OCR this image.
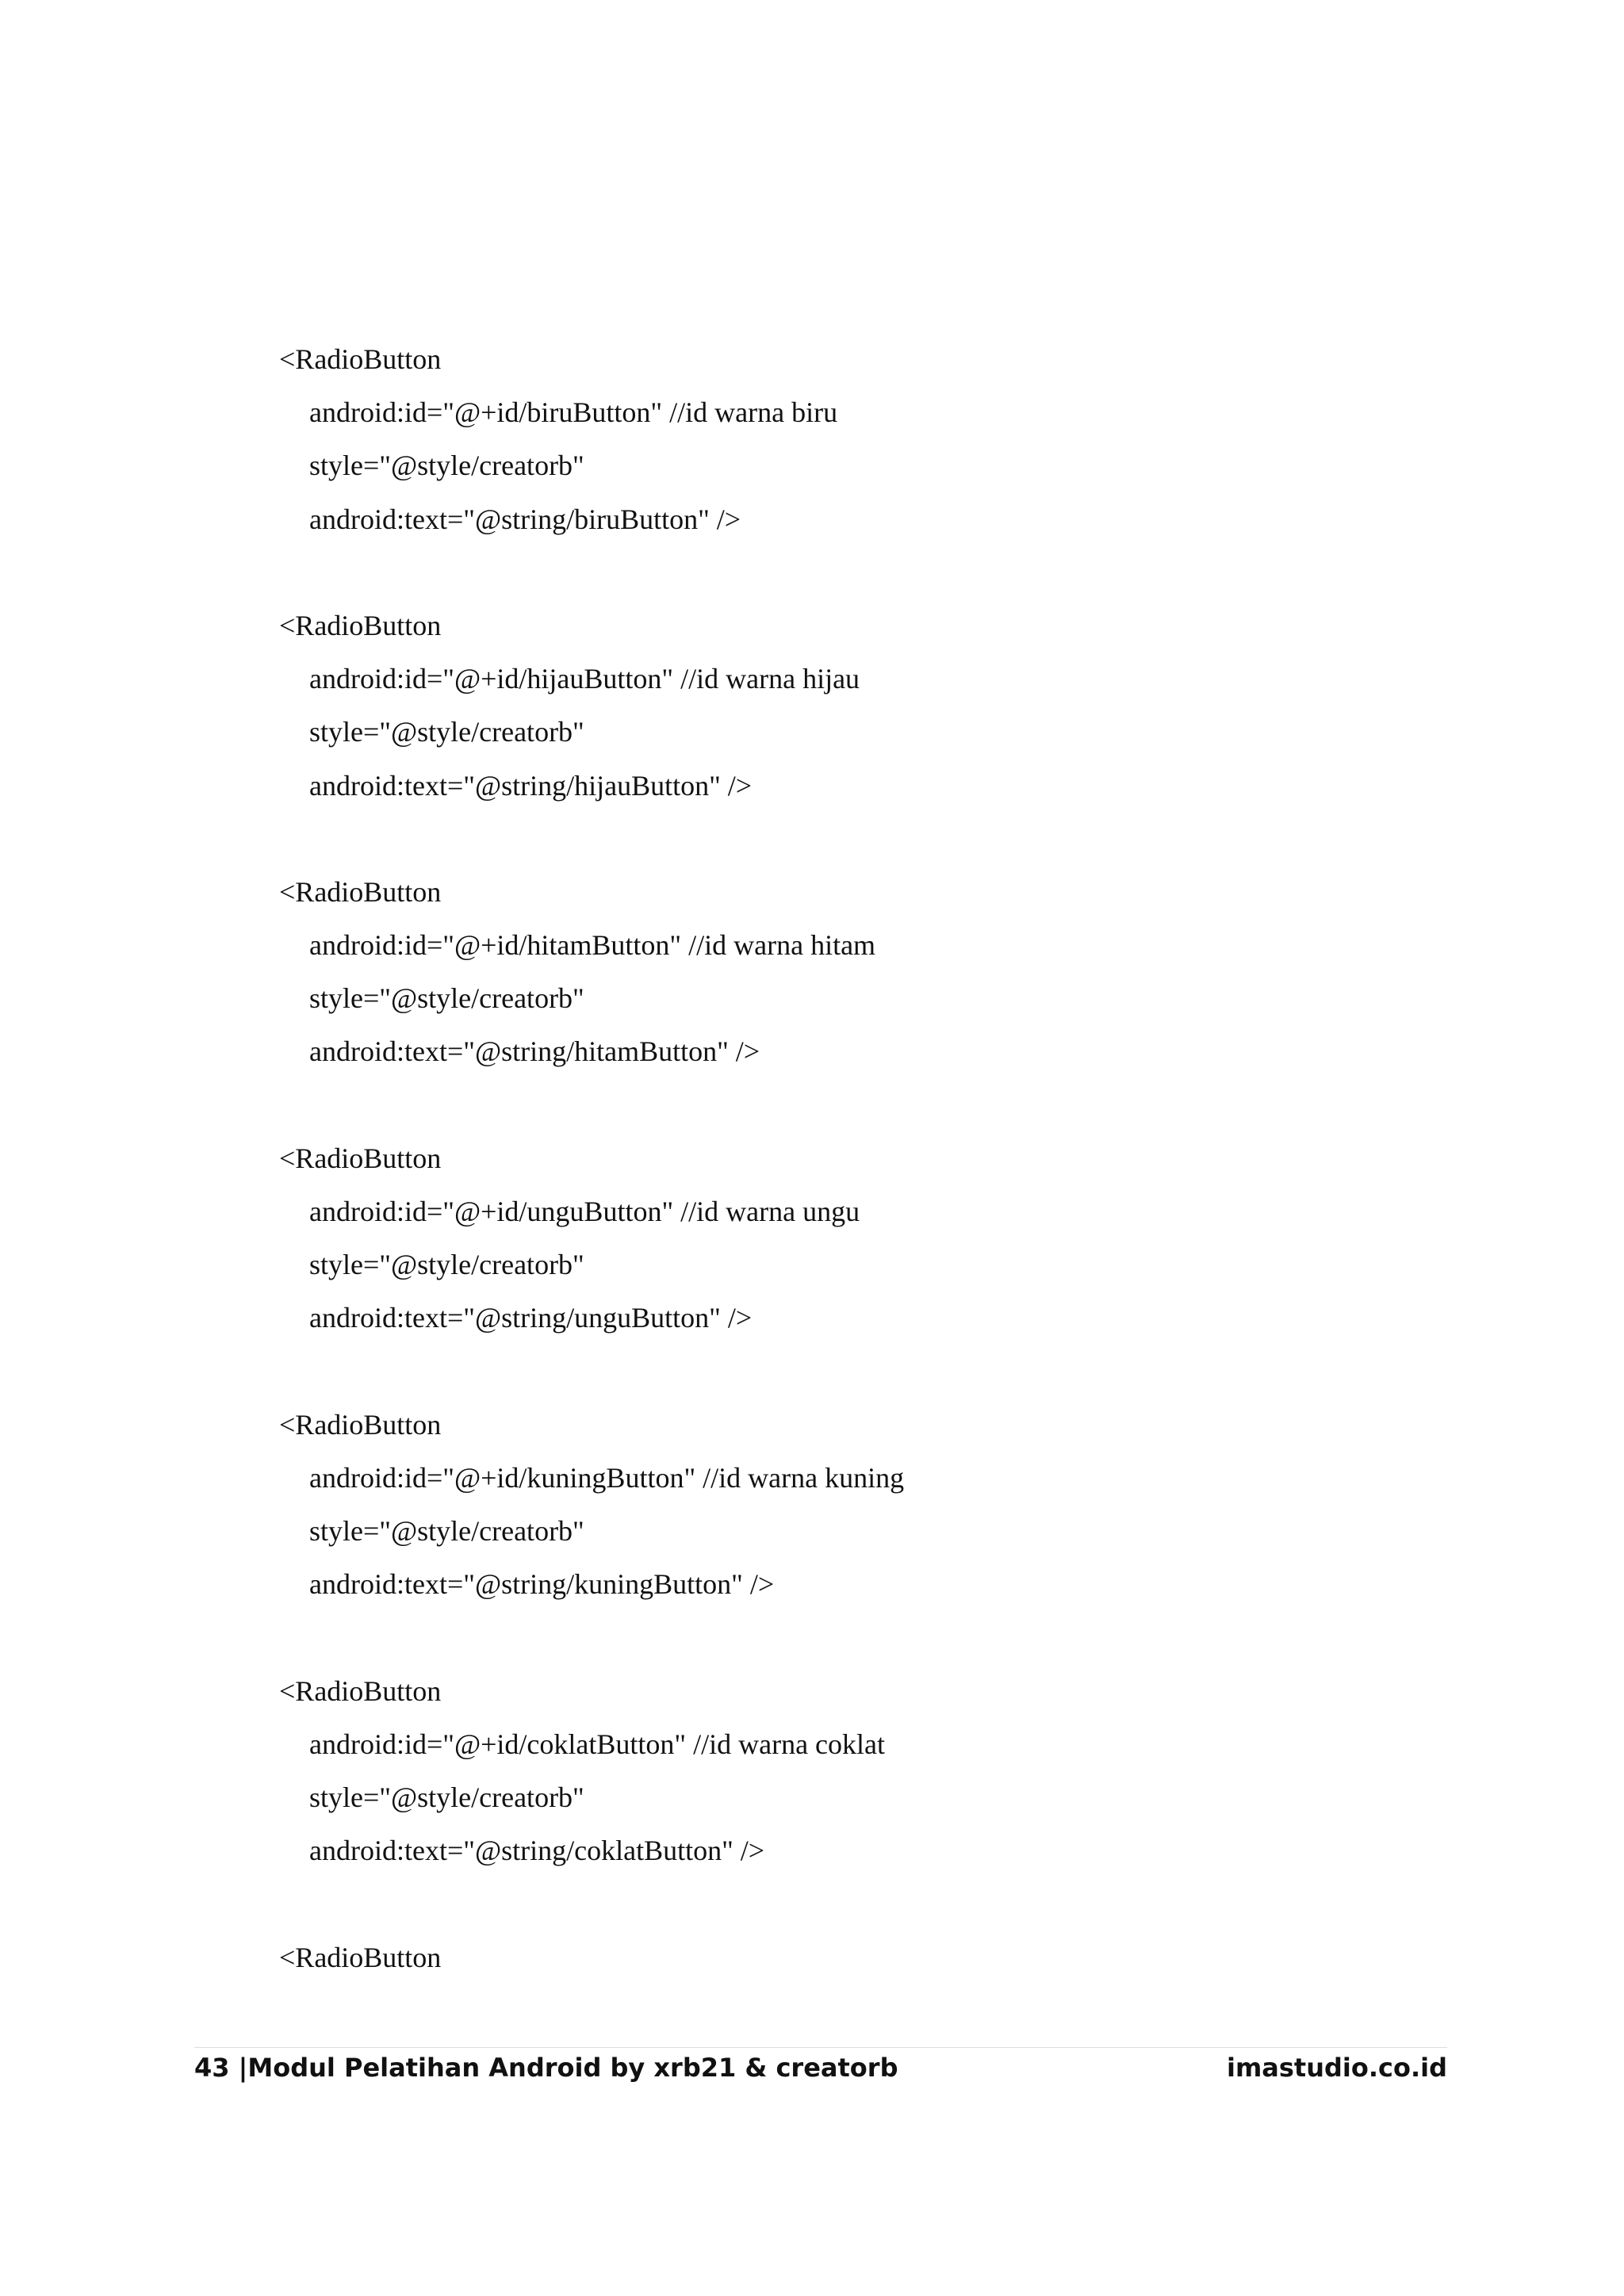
<RadioButton
android:id="@+id/biruButton" //id warna biru
style="@style/creatorb"
android:text="@string/biruButton" />
<RadioButton
android:id="@+id/hijauButton" //id warna hijau
style="@style/creatorb"
android:text="@string/hijauButton" />
<RadioButton
android:id="@+id/hitamButton" //id warna hitam
style="@style/creatorb"
android:text="@string/hitamButton" />
<RadioButton
android:id="@+id/unguButton" //id warna ungu
style="@style/creatorb"
android:text="@string/unguButton" />
<RadioButton
android:id="@+id/kuningButton" //id warna kuning
style="@style/creatorb"
android:text="@string/kuningButton" />
<RadioButton
android:id="@+id/coklatButton" //id warna coklat
style="@style/creatorb"
android:text="@string/coklatButton" />
<RadioButton
43 |Modul Pelatihan Android by xrb21 & creatorb	imastudio.co.id
